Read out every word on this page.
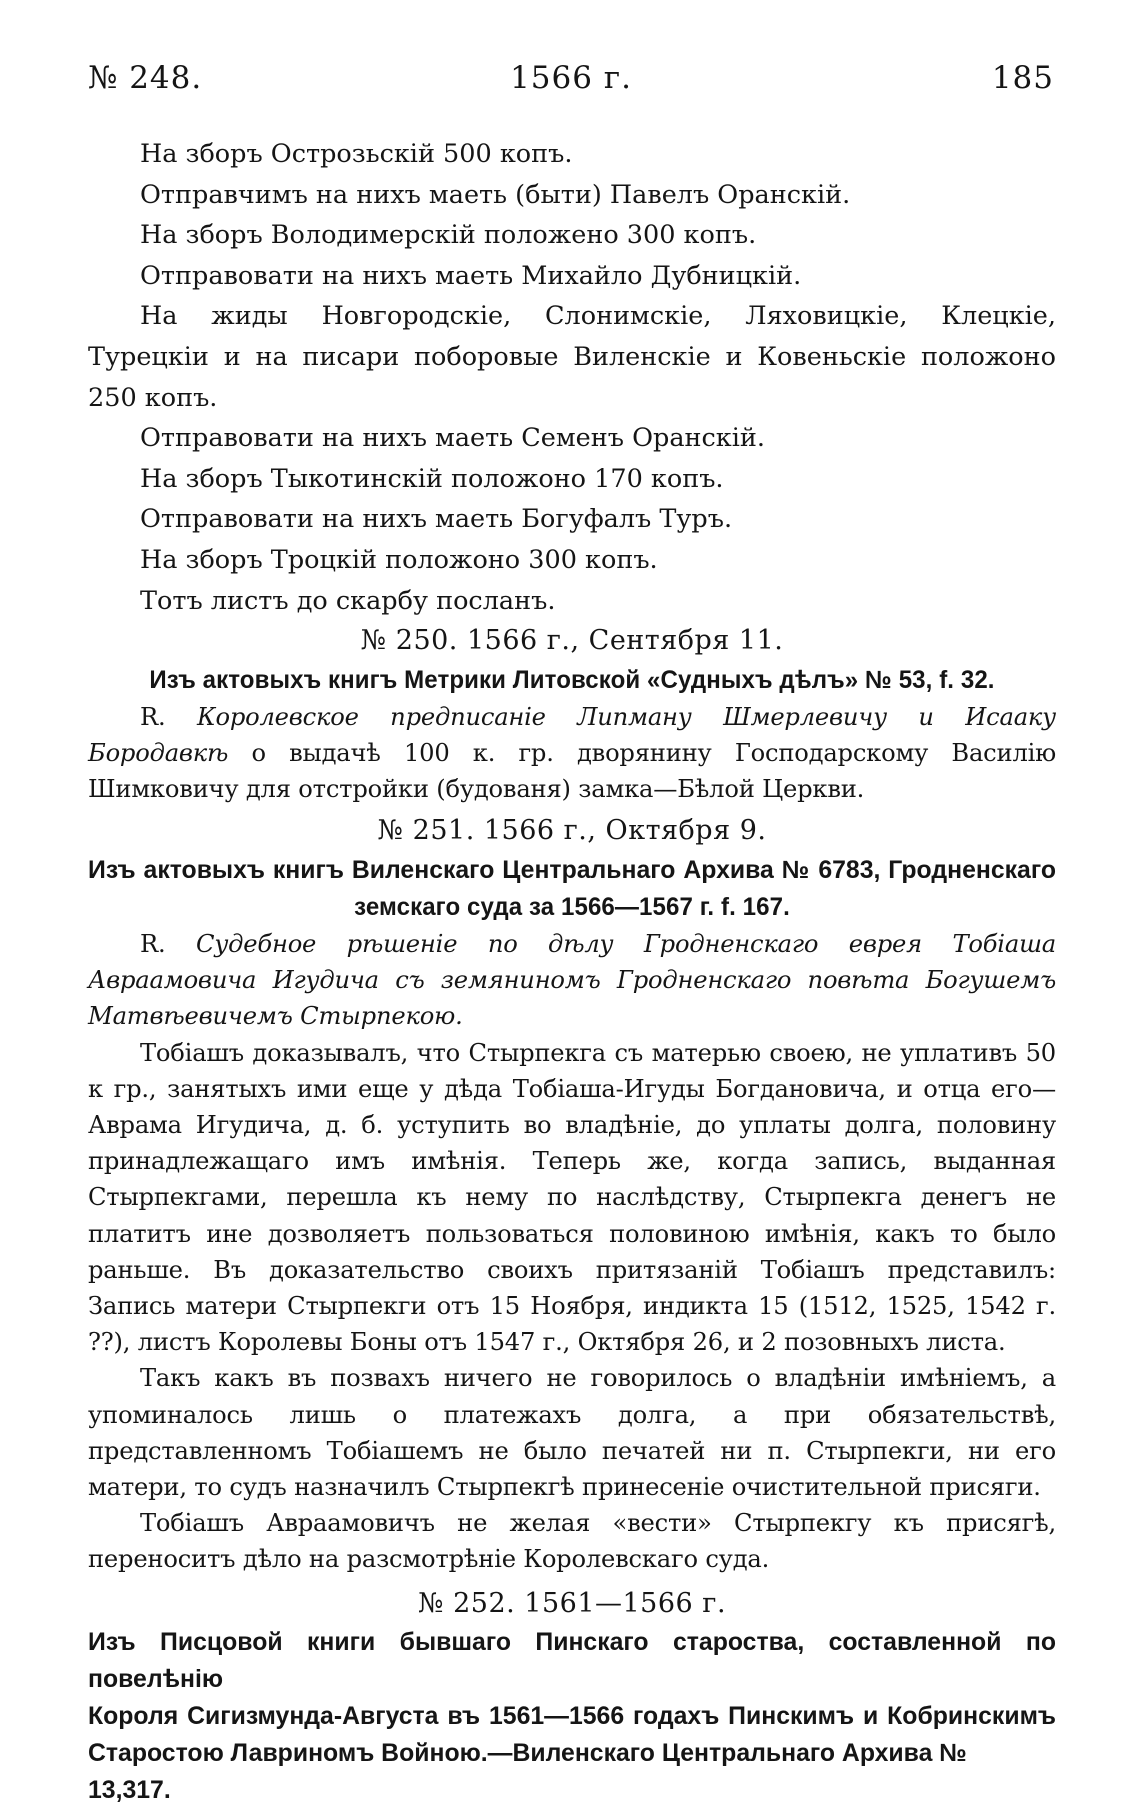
№ 248.	1566 г.	185

На зборъ Острозьскій 500 копъ.

Отправчимъ на нихъ маеть (быти) Павелъ Оранскій.

На зборъ Володимерскій положено 300 копъ.

Отправовати на нихъ маеть Михайло Дубницкій.

На жиды Новгородскіе, Слонимскіе, Ляховицкіе, Клецкіе, Турецкіи и на писари поборовые Виленскіе и Ковеньскіе положоно 250 копъ.

Отправовати на нихъ маеть Семенъ Оранскій.

На зборъ Тыкотинскій положоно 170 копъ.

Отправовати на нихъ маеть Богуфалъ Туръ.

На зборъ Троцкій положоно 300 копъ.

Тотъ листъ до скарбу посланъ.

№ 250. 1566 г., Сентября 11.

Изъ актовыхъ книгъ Метрики Литовской «Судныхъ дѣлъ» № 53, f. 32.

R. Королевское предписаніе Липману Шмерлевичу и Исааку Бородавкѣ о выдачѣ 100 к. гр. дворянину Господарскому Василію Шимковичу для отстройки (будованя) замка—Бѣлой Церкви.

№ 251. 1566 г., Октября 9.

Изъ актовыхъ книгъ Виленскаго Центральнаго Архива № 6783, Гродненскаго

земскаго суда за 1566—1567 г. f. 167.

R. Судебное рѣшеніе по дѣлу Гродненскаго еврея Тобіаша Авраамовича Игудича съ земяниномъ Гродненскаго повѣта Богушемъ Матвѣевичемъ Стырпекою.

Тобіашъ доказывалъ, что Стырпекга съ матерью своею, не уплативъ 50 к гр., занятыхъ ими еще у дѣда Тобіаша-Игуды Богдановича, и отца его—Аврама Игудича, д. б. уступить во владѣніе, до уплаты долга, половину принадлежащаго имъ имѣнія. Теперь же, когда запись, выданная Стырпекгами, перешла къ нему по наслѣдству, Стырпекга денегъ не платитъ ине дозволяетъ пользоваться половиною имѣнія, какъ то было раньше. Въ доказательство своихъ притязаній Тобіашъ представилъ: Запись матери Стырпекги отъ 15 Ноября, индикта 15 (1512, 1525, 1542 г. ??), листъ Королевы Боны отъ 1547 г., Октября 26, и 2 позовныхъ листа.

Такъ какъ въ позвахъ ничего не говорилось о владѣніи имѣніемъ, а упоминалось лишь о платежахъ долга, а при обязательствѣ, представленномъ Тобіашемъ не было печатей ни п. Стырпекги, ни его матери, то судъ назначилъ Стырпекгѣ принесеніе очистительной присяги.

Тобіашъ Авраамовичъ не желая «вести» Стырпекгу къ присягѣ, переноситъ дѣло на разсмотрѣніе Королевскаго суда.

№ 252. 1561—1566 г.

Изъ Писцовой книги бывшаго Пинскаго староства, составленной по повелѣнію

Короля Сигизмунда-Августа въ 1561—1566 годахъ Пинскимъ и Кобринскимъ

Старостою Лавриномъ Войною.—Виленскаго Центральнаго Архива № 13,317.
